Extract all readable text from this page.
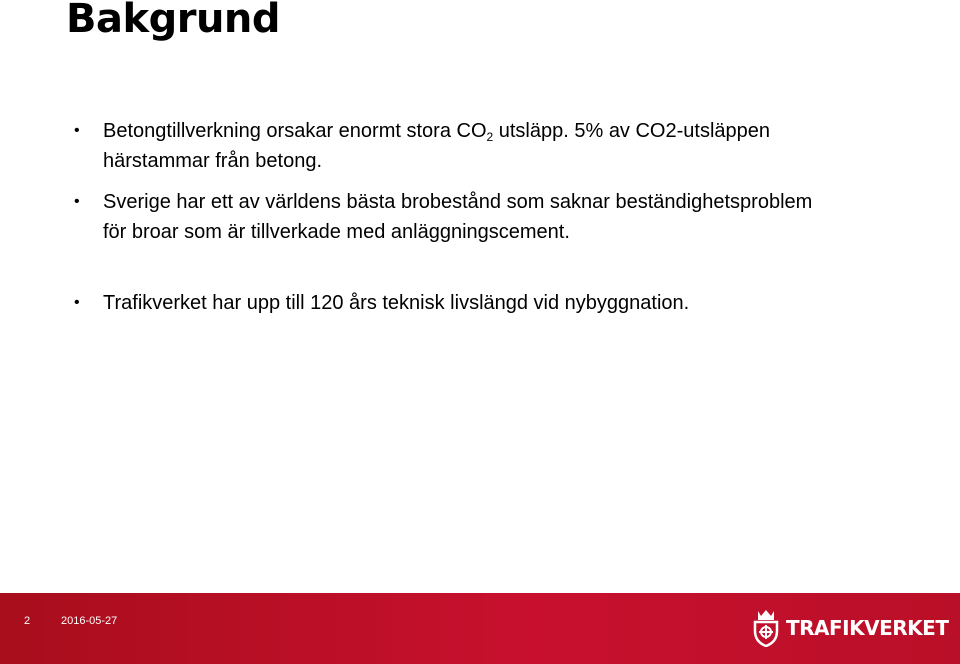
Bakgrund
• Betongtillverkning orsakar enormt stora $CO_2$ utsläpp. 5% av CO2-utsläppen härstammar från betong.
• Sverige har ett av världens bästa brobestånd som saknar beständighetsproblem för broar som är tillverkade med anläggningscement.
• Trafikverket har upp till 120 års teknisk livslängd vid nybyggnation.
2	2016-05-27	TRAFIKVERKET
